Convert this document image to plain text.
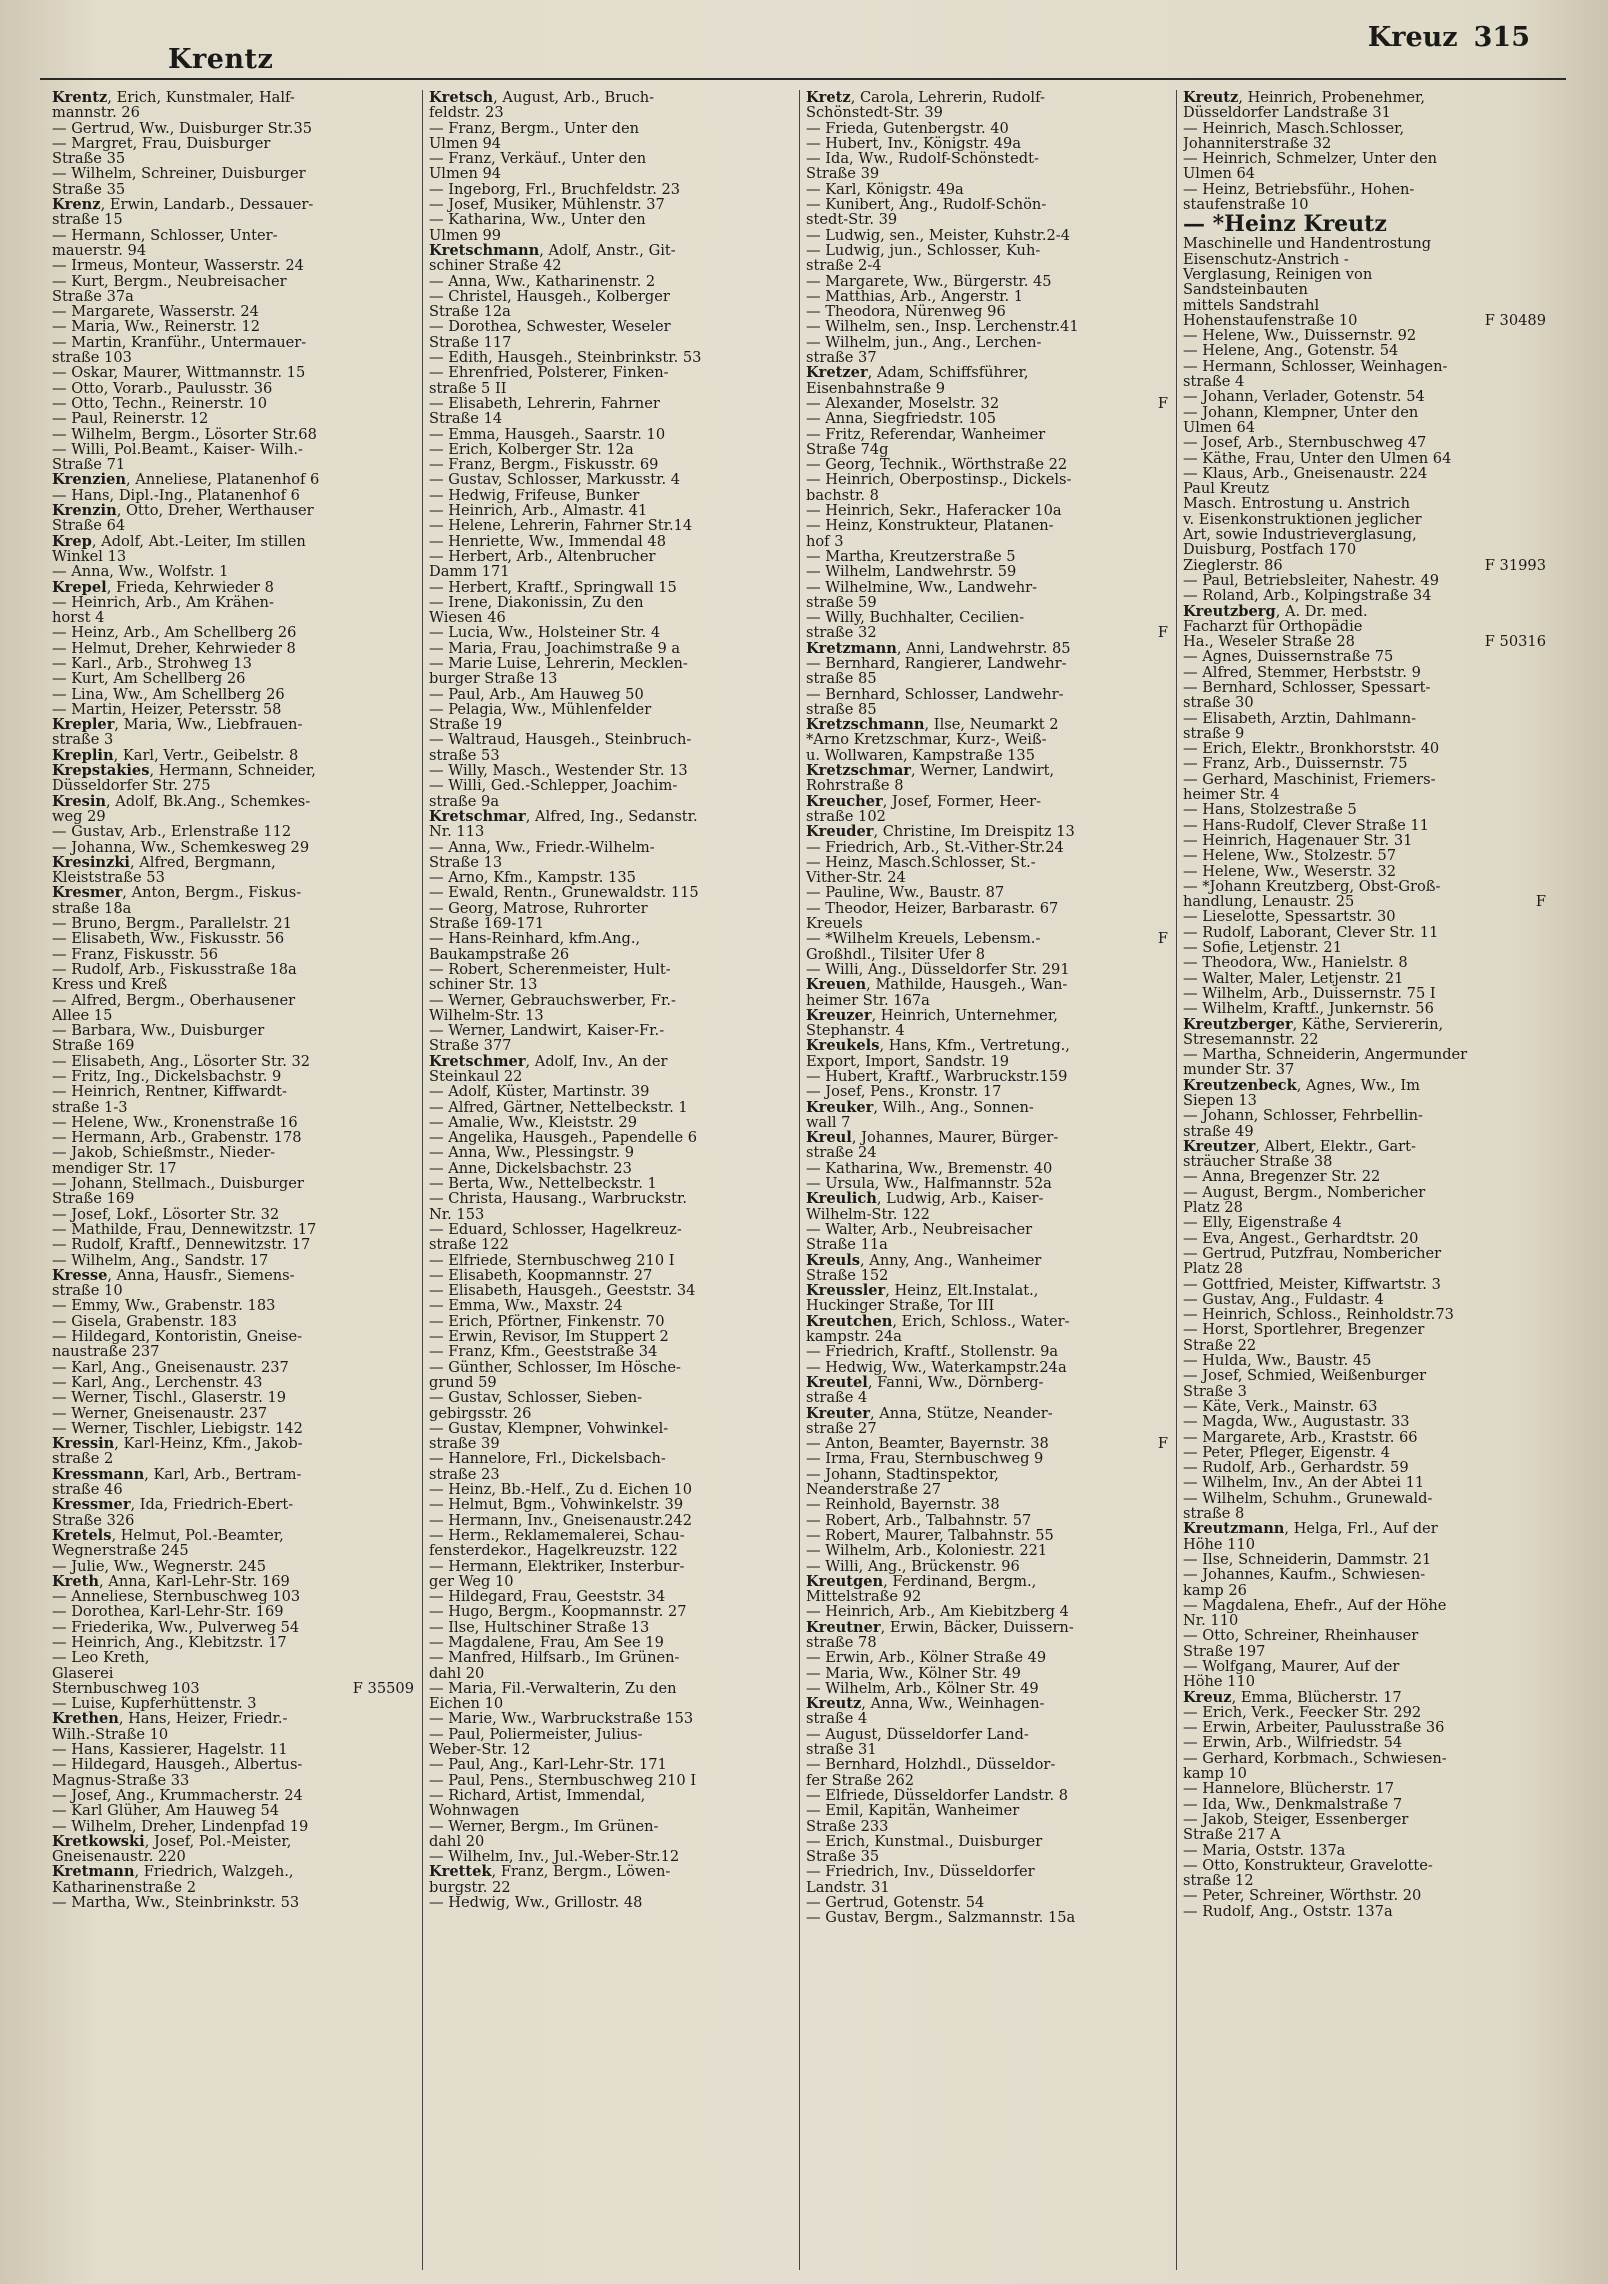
Krentz
Kreuz 315
Krentz, Erich, Kunstmaler, Half-
mannstr. 26
— Gertrud, Ww., Duisburger Str.35
— Margret, Frau, Duisburger
Straße 35
— Wilhelm, Schreiner, Duisburger
Straße 35
Krenz, Erwin, Landarb., Dessauer-
straße 15
— Hermann, Schlosser, Unter-
mauerstr. 94
— Irmeus, Monteur, Wasserstr. 24
— Kurt, Bergm., Neubreisacher
Straße 37a
— Margarete, Wasserstr. 24
— Maria, Ww., Reinerstr. 12
— Martin, Kranführ., Untermauer-
straße 103
— Oskar, Maurer, Wittmannstr. 15
— Otto, Vorarb., Paulusstr. 36
— Otto, Techn., Reinerstr. 10
— Paul, Reinerstr. 12
— Wilhelm, Bergm., Lösorter Str.68
— Willi, Pol.Beamt., Kaiser- Wilh.-
Straße 71
Krenzien, Anneliese, Platanenhof 6
— Hans, Dipl.-Ing., Platanenhof 6
Krenzin, Otto, Dreher, Werthauser
Straße 64
Krep, Adolf, Abt.-Leiter, Im stillen
Winkel 13
— Anna, Ww., Wolfstr. 1
Krepel, Frieda, Kehrwieder 8
— Heinrich, Arb., Am Krähen-
horst 4
— Heinz, Arb., Am Schellberg 26
— Helmut, Dreher, Kehrwieder 8
— Karl., Arb., Strohweg 13
— Kurt, Am Schellberg 26
— Lina, Ww., Am Schellberg 26
— Martin, Heizer, Petersstr. 58
Krepler, Maria, Ww., Liebfrauen-
straße 3
Kreplin, Karl, Vertr., Geibelstr. 8
Krepstakies, Hermann, Schneider,
Düsseldorfer Str. 275
Kresin, Adolf, Bk.Ang., Schemkes-
weg 29
— Gustav, Arb., Erlenstraße 112
— Johanna, Ww., Schemkesweg 29
Kresinzki, Alfred, Bergmann,
Kleiststraße 53
Kresmer, Anton, Bergm., Fiskus-
straße 18a
— Bruno, Bergm., Parallelstr. 21
— Elisabeth, Ww., Fiskusstr. 56
— Franz, Fiskusstr. 56
— Rudolf, Arb., Fiskusstraße 18a
Kress und Kreß
— Alfred, Bergm., Oberhausener
Allee 15
— Barbara, Ww., Duisburger
Straße 169
— Elisabeth, Ang., Lösorter Str. 32
— Fritz, Ing., Dickelsbachstr. 9
— Heinrich, Rentner, Kiffwardt-
straße 1-3
— Helene, Ww., Kronenstraße 16
— Hermann, Arb., Grabenstr. 178
— Jakob, Schießmstr., Nieder-
mendiger Str. 17
— Johann, Stellmach., Duisburger
Straße 169
— Josef, Lokf., Lösorter Str. 32
— Mathilde, Frau, Dennewitzstr. 17
— Rudolf, Kraftf., Dennewitzstr. 17
— Wilhelm, Ang., Sandstr. 17
Kresse, Anna, Hausfr., Siemens-
straße 10
— Emmy, Ww., Grabenstr. 183
— Gisela, Grabenstr. 183
— Hildegard, Kontoristin, Gneise-
naustraße 237
— Karl, Ang., Gneisenaustr. 237
— Karl, Ang., Lerchenstr. 43
— Werner, Tischl., Glaserstr. 19
— Werner, Gneisenaustr. 237
— Werner, Tischler, Liebigstr. 142
Kressin, Karl-Heinz, Kfm., Jakob-
straße 2
Kressmann, Karl, Arb., Bertram-
straße 46
Kressmer, Ida, Friedrich-Ebert-
Straße 326
Kretels, Helmut, Pol.-Beamter,
Wegnerstraße 245
— Julie, Ww., Wegnerstr. 245
Kreth, Anna, Karl-Lehr-Str. 169
— Anneliese, Sternbuschweg 103
— Dorothea, Karl-Lehr-Str. 169
— Friederika, Ww., Pulverweg 54
— Heinrich, Ang., Klebitzstr. 17
— Leo Kreth,
Glaserei
Sternbuschweg 103	F 35509
— Luise, Kupferhüttenstr. 3
Krethen, Hans, Heizer, Friedr.-
Wilh.-Straße 10
— Hans, Kassierer, Hagelstr. 11
— Hildegard, Hausgeh., Albertus-
Magnus-Straße 33
— Josef, Ang., Krummacherstr. 24
— Karl Glüher, Am Hauweg 54
— Wilhelm, Dreher, Lindenpfad 19
Kretkowski, Josef, Pol.-Meister,
Gneisenaustr. 220
Kretmann, Friedrich, Walzgeh.,
Katharinenstraße 2
— Martha, Ww., Steinbrinkstr. 53
Kretsch, August, Arb., Bruch-
feldstr. 23
— Franz, Bergm., Unter den
Ulmen 94
— Franz, Verkäuf., Unter den
Ulmen 94
— Ingeborg, Frl., Bruchfeldstr. 23
— Josef, Musiker, Mühlenstr. 37
— Katharina, Ww., Unter den
Ulmen 99
Kretschmann, Adolf, Anstr., Git-
schiner Straße 42
— Anna, Ww., Katharinenstr. 2
— Christel, Hausgeh., Kolberger
Straße 12a
— Dorothea, Schwester, Weseler
Straße 117
— Edith, Hausgeh., Steinbrinkstr. 53
— Ehrenfried, Polsterer, Finken-
straße 5 II
— Elisabeth, Lehrerin, Fahrner
Straße 14
— Emma, Hausgeh., Saarstr. 10
— Erich, Kolberger Str. 12a
— Franz, Bergm., Fiskusstr. 69
— Gustav, Schlosser, Markusstr. 4
— Hedwig, Frifeuse, Bunker
— Heinrich, Arb., Almastr. 41
— Helene, Lehrerin, Fahrner Str.14
— Henriette, Ww., Immendal 48
— Herbert, Arb., Altenbrucher
Damm 171
— Herbert, Kraftf., Springwall 15
— Irene, Diakonissin, Zu den
Wiesen 46
— Lucia, Ww., Holsteiner Str. 4
— Maria, Frau, Joachimstraße 9 a
— Marie Luise, Lehrerin, Mecklen-
burger Straße 13
— Paul, Arb., Am Hauweg 50
— Pelagia, Ww., Mühlenfelder
Straße 19
— Waltraud, Hausgeh., Steinbruch-
straße 53
— Willy, Masch., Westender Str. 13
— Willi, Ged.-Schlepper, Joachim-
straße 9a
Kretschmar, Alfred, Ing., Sedanstr.
Nr. 113
— Anna, Ww., Friedr.-Wilhelm-
Straße 13
— Arno, Kfm., Kampstr. 135
— Ewald, Rentn., Grunewaldstr. 115
— Georg, Matrose, Ruhrorter
Straße 169-171
— Hans-Reinhard, kfm.Ang.,
Baukampstraße 26
— Robert, Scherenmeister, Hult-
schiner Str. 13
— Werner, Gebrauchswerber, Fr.-
Wilhelm-Str. 13
— Werner, Landwirt, Kaiser-Fr.-
Straße 377
Kretschmer, Adolf, Inv., An der
Steinkaul 22
— Adolf, Küster, Martinstr. 39
— Alfred, Gärtner, Nettelbeckstr. 1
— Amalie, Ww., Kleiststr. 29
— Angelika, Hausgeh., Papendelle 6
— Anna, Ww., Plessingstr. 9
— Anne, Dickelsbachstr. 23
— Berta, Ww., Nettelbeckstr. 1
— Christa, Hausang., Warbruckstr.
Nr. 153
— Eduard, Schlosser, Hagelkreuz-
straße 122
— Elfriede, Sternbuschweg 210 I
— Elisabeth, Koopmannstr. 27
— Elisabeth, Hausgeh., Geeststr. 34
— Emma, Ww., Maxstr. 24
— Erich, Pförtner, Finkenstr. 70
— Erwin, Revisor, Im Stuppert 2
— Franz, Kfm., Geeststraße 34
— Günther, Schlosser, Im Hösche-
grund 59
— Gustav, Schlosser, Sieben-
gebirgsstr. 26
— Gustav, Klempner, Vohwinkel-
straße 39
— Hannelore, Frl., Dickelsbach-
straße 23
— Heinz, Bb.-Helf., Zu d. Eichen 10
— Helmut, Bgm., Vohwinkelstr. 39
— Hermann, Inv., Gneisenaustr.242
— Herm., Reklamemalerei, Schau-
fensterdekor., Hagelkreuzstr. 122
— Hermann, Elektriker, Insterbur-
ger Weg 10
— Hildegard, Frau, Geeststr. 34
— Hugo, Bergm., Koopmannstr. 27
— Ilse, Hultschiner Straße 13
— Magdalene, Frau, Am See 19
— Manfred, Hilfsarb., Im Grünen-
dahl 20
— Maria, Fil.-Verwalterin, Zu den
Eichen 10
— Marie, Ww., Warbruckstraße 153
— Paul, Poliermeister, Julius-
Weber-Str. 12
— Paul, Ang., Karl-Lehr-Str. 171
— Paul, Pens., Sternbuschweg 210 I
— Richard, Artist, Immendal,
Wohnwagen
— Werner, Bergm., Im Grünen-
dahl 20
— Wilhelm, Inv., Jul.-Weber-Str.12
Krettek, Franz, Bergm., Löwen-
burgstr. 22
— Hedwig, Ww., Grillostr. 48
Kretz, Carola, Lehrerin, Rudolf-
Schönstedt-Str. 39
— Frieda, Gutenbergstr. 40
— Hubert, Inv., Königstr. 49a
— Ida, Ww., Rudolf-Schönstedt-
Straße 39
— Karl, Königstr. 49a
— Kunibert, Ang., Rudolf-Schön-
stedt-Str. 39
— Ludwig, sen., Meister, Kuhstr.2-4
— Ludwig, jun., Schlosser, Kuh-
straße 2-4
— Margarete, Ww., Bürgerstr. 45
— Matthias, Arb., Angerstr. 1
— Theodora, Nürenweg 96
— Wilhelm, sen., Insp. Lerchenstr.41
— Wilhelm, jun., Ang., Lerchen-
straße 37
Kretzer, Adam, Schiffsführer,
Eisenbahnstraße 9
— Alexander, Moselstr. 32	F
— Anna, Siegfriedstr. 105
— Fritz, Referendar, Wanheimer
Straße 74g
— Georg, Technik., Wörthstraße 22
— Heinrich, Oberpostinsp., Dickels-
bachstr. 8
— Heinrich, Sekr., Haferacker 10a
— Heinz, Konstrukteur, Platanen-
hof 3
— Martha, Kreutzerstraße 5
— Wilhelm, Landwehrstr. 59
— Wilhelmine, Ww., Landwehr-
straße 59
— Willy, Buchhalter, Cecilien-
straße 32	F
Kretzmann, Anni, Landwehrstr. 85
— Bernhard, Rangierer, Landwehr-
straße 85
— Bernhard, Schlosser, Landwehr-
straße 85
Kretzschmann, Ilse, Neumarkt 2
*Arno Kretzschmar, Kurz-, Weiß-
u. Wollwaren, Kampstraße 135
Kretzschmar, Werner, Landwirt,
Rohrstraße 8
Kreucher, Josef, Former, Heer-
straße 102
Kreuder, Christine, Im Dreispitz 13
— Friedrich, Arb., St.-Vither-Str.24
— Heinz, Masch.Schlosser, St.-
Vither-Str. 24
— Pauline, Ww., Baustr. 87
— Theodor, Heizer, Barbarastr. 67
Kreuels
— *Wilhelm Kreuels, Lebensm.-	F
Großhdl., Tilsiter Ufer 8
— Willi, Ang., Düsseldorfer Str. 291
Kreuen, Mathilde, Hausgeh., Wan-
heimer Str. 167a
Kreuzer, Heinrich, Unternehmer,
Stephanstr. 4
Kreukels, Hans, Kfm., Vertretung.,
Export, Import, Sandstr. 19
— Hubert, Kraftf., Warbruckstr.159
— Josef, Pens., Kronstr. 17
Kreuker, Wilh., Ang., Sonnen-
wall 7
Kreul, Johannes, Maurer, Bürger-
straße 24
— Katharina, Ww., Bremenstr. 40
— Ursula, Ww., Halfmannstr. 52a
Kreulich, Ludwig, Arb., Kaiser-
Wilhelm-Str. 122
— Walter, Arb., Neubreisacher
Straße 11a
Kreuls, Anny, Ang., Wanheimer
Straße 152
Kreussler, Heinz, Elt.Instalat.,
Huckinger Straße, Tor III
Kreutchen, Erich, Schloss., Water-
kampstr. 24a
— Friedrich, Kraftf., Stollenstr. 9a
— Hedwig, Ww., Waterkampstr.24a
Kreutel, Fanni, Ww., Dörnberg-
straße 4
Kreuter, Anna, Stütze, Neander-
straße 27
— Anton, Beamter, Bayernstr. 38	F
— Irma, Frau, Sternbuschweg 9
— Johann, Stadtinspektor,
Neanderstraße 27
— Reinhold, Bayernstr. 38
— Robert, Arb., Talbahnstr. 57
— Robert, Maurer, Talbahnstr. 55
— Wilhelm, Arb., Koloniestr. 221
— Willi, Ang., Brückenstr. 96
Kreutgen, Ferdinand, Bergm.,
Mittelstraße 92
— Heinrich, Arb., Am Kiebitzberg 4
Kreutner, Erwin, Bäcker, Duissern-
straße 78
— Erwin, Arb., Kölner Straße 49
— Maria, Ww., Kölner Str. 49
— Wilhelm, Arb., Kölner Str. 49
Kreutz, Anna, Ww., Weinhagen-
straße 4
— August, Düsseldorfer Land-
straße 31
— Bernhard, Holzhdl., Düsseldor-
fer Straße 262
— Elfriede, Düsseldorfer Landstr. 8
— Emil, Kapitän, Wanheimer
Straße 233
— Erich, Kunstmal., Duisburger
Straße 35
— Friedrich, Inv., Düsseldorfer
Landstr. 31
— Gertrud, Gotenstr. 54
— Gustav, Bergm., Salzmannstr. 15a
Kreutz, Heinrich, Probenehmer,
Düsseldorfer Landstraße 31
— Heinrich, Masch.Schlosser,
Johanniterstraße 32
— Heinrich, Schmelzer, Unter den
Ulmen 64
— Heinz, Betriebsführ., Hohen-
staufenstraße 10
— *Heinz Kreutz
Maschinelle und Handentrostung
Eisenschutz-Anstrich -
Verglasung, Reinigen von
Sandsteinbauten
mittels Sandstrahl
Hohenstaufenstraße 10	F 30489
— Helene, Ww., Duissernstr. 92
— Helene, Ang., Gotenstr. 54
— Hermann, Schlosser, Weinhagen-
straße 4
— Johann, Verlader, Gotenstr. 54
— Johann, Klempner, Unter den
Ulmen 64
— Josef, Arb., Sternbuschweg 47
— Käthe, Frau, Unter den Ulmen 64
— Klaus, Arb., Gneisenaustr. 224
Paul Kreutz
Masch. Entrostung u. Anstrich
v. Eisenkonstruktionen jeglicher
Art, sowie Industrieverglasung,
Duisburg, Postfach 170
Zieglerstr. 86	F 31993
— Paul, Betriebsleiter, Nahestr. 49
— Roland, Arb., Kolpingstraße 34
Kreutzberg, A. Dr. med.
Facharzt für Orthopädie
Ha., Weseler Straße 28	F 50316
— Agnes, Duissernstraße 75
— Alfred, Stemmer, Herbststr. 9
— Bernhard, Schlosser, Spessart-
straße 30
— Elisabeth, Ärztin, Dahlmann-
straße 9
— Erich, Elektr., Bronkhorststr. 40
— Franz, Arb., Duissernstr. 75
— Gerhard, Maschinist, Friemers-
heimer Str. 4
— Hans, Stolzestraße 5
— Hans-Rudolf, Clever Straße 11
— Heinrich, Hagenauer Str. 31
— Helene, Ww., Stolzestr. 57
— Helene, Ww., Weserstr. 32
— *Johann Kreutzberg, Obst-Groß-
handlung, Lenaustr. 25	F
— Lieselotte, Spessartstr. 30
— Rudolf, Laborant, Clever Str. 11
— Sofie, Letjenstr. 21
— Theodora, Ww., Hanielstr. 8
— Walter, Maler, Letjenstr. 21
— Wilhelm, Arb., Duissernstr. 75 I
— Wilhelm, Kraftf., Junkernstr. 56
Kreutzberger, Käthe, Serviererin,
Stresemannstr. 22
— Martha, Schneiderin, Angermunder
munder Str. 37
Kreutzenbeck, Agnes, Ww., Im
Siepen 13
— Johann, Schlosser, Fehrbellin-
straße 49
Kreutzer, Albert, Elektr., Gart-
sträucher Straße 38
— Anna, Bregenzer Str. 22
— August, Bergm., Nombericher
Platz 28
— Elly, Eigenstraße 4
— Eva, Angest., Gerhardtstr. 20
— Gertrud, Putzfrau, Nombericher
Platz 28
— Gottfried, Meister, Kiffwartstr. 3
— Gustav, Ang., Fuldastr. 4
— Heinrich, Schloss., Reinholdstr.73
— Horst, Sportlehrer, Bregenzer
Straße 22
— Hulda, Ww., Baustr. 45
— Josef, Schmied, Weißenburger
Straße 3
— Käte, Verk., Mainstr. 63
— Magda, Ww., Augustastr. 33
— Margarete, Arb., Kraststr. 66
— Peter, Pfleger, Eigenstr. 4
— Rudolf, Arb., Gerhardstr. 59
— Wilhelm, Inv., An der Abtei 11
— Wilhelm, Schuhm., Grunewald-
straße 8
Kreutzmann, Helga, Frl., Auf der
Höhe 110
— Ilse, Schneiderin, Dammstr. 21
— Johannes, Kaufm., Schwiesen-
kamp 26
— Magdalena, Ehefr., Auf der Höhe
Nr. 110
— Otto, Schreiner, Rheinhauser
Straße 197
— Wolfgang, Maurer, Auf der
Höhe 110
Kreuz, Emma, Blücherstr. 17
— Erich, Verk., Feecker Str. 292
— Erwin, Arbeiter, Paulusstraße 36
— Erwin, Arb., Wilfriedstr. 54
— Gerhard, Korbmach., Schwiesen-
kamp 10
— Hannelore, Blücherstr. 17
— Ida, Ww., Denkmalstraße 7
— Jakob, Steiger, Essenberger
Straße 217 A
— Maria, Oststr. 137a
— Otto, Konstrukteur, Gravelotte-
straße 12
— Peter, Schreiner, Wörthstr. 20
— Rudolf, Ang., Oststr. 137a
